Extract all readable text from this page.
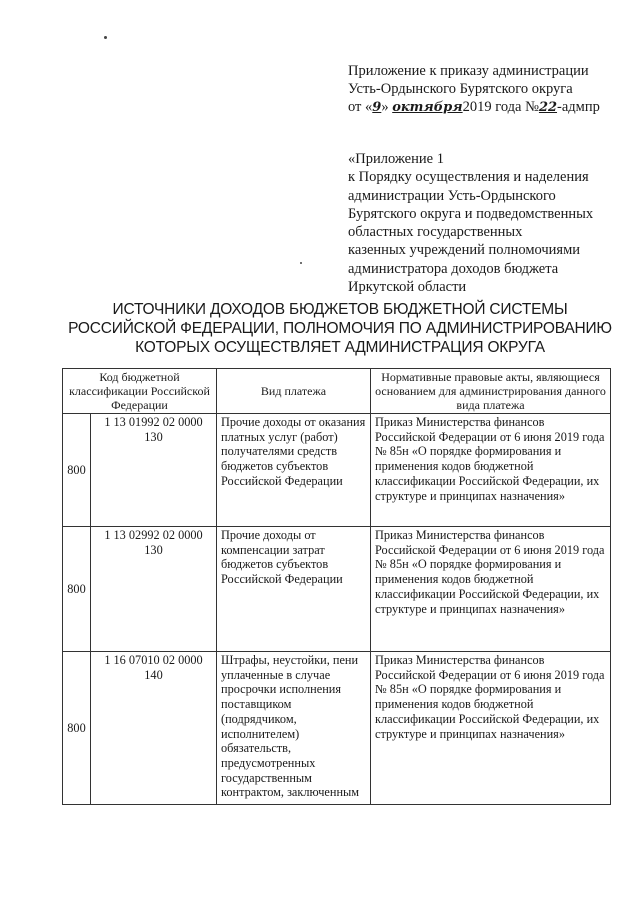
Приложение к приказу администрации
Усть-Ордынского Бурятского округа
от «9» октября2019 года №22-адмпр
«Приложение 1
к Порядку осуществления и наделения
администрации Усть-Ордынского
Бурятского округа и подведомственных
областных государственных
казенных учреждений полномочиями
администратора доходов бюджета
Иркутской области
ИСТОЧНИКИ ДОХОДОВ БЮДЖЕТОВ БЮДЖЕТНОЙ СИСТЕМЫ
РОССИЙСКОЙ ФЕДЕРАЦИИ, ПОЛНОМОЧИЯ ПО АДМИНИСТРИРОВАНИЮ
КОТОРЫХ ОСУЩЕСТВЛЯЕТ АДМИНИСТРАЦИЯ ОКРУГА
Код бюджетной классификации Российской Федерации		Вид платежа	Нормативные правовые акты, являющиеся основанием для администрирования данного вида платежа
800	1 13 01992 02 0000 130	Прочие доходы от оказания платных услуг (работ) получателями средств бюджетов субъектов Российской Федерации	Приказ Министерства финансов Российской Федерации от 6 июня 2019 года № 85н «О порядке формирования и применения кодов бюджетной классификации Российской Федерации, их структуре и принципах назначения»
800	1 13 02992 02 0000 130	Прочие доходы от компенсации затрат бюджетов субъектов Российской Федерации	Приказ Министерства финансов Российской Федерации от 6 июня 2019 года № 85н «О порядке формирования и применения кодов бюджетной классификации Российской Федерации, их структуре и принципах назначения»
800	1 16 07010 02 0000 140	Штрафы, неустойки, пени уплаченные в случае просрочки исполнения поставщиком (подрядчиком, исполнителем) обязательств, предусмотренных государственным контрактом, заключенным	Приказ Министерства финансов Российской Федерации от 6 июня 2019 года № 85н «О порядке формирования и применения кодов бюджетной классификации Российской Федерации, их структуре и принципах назначения»
